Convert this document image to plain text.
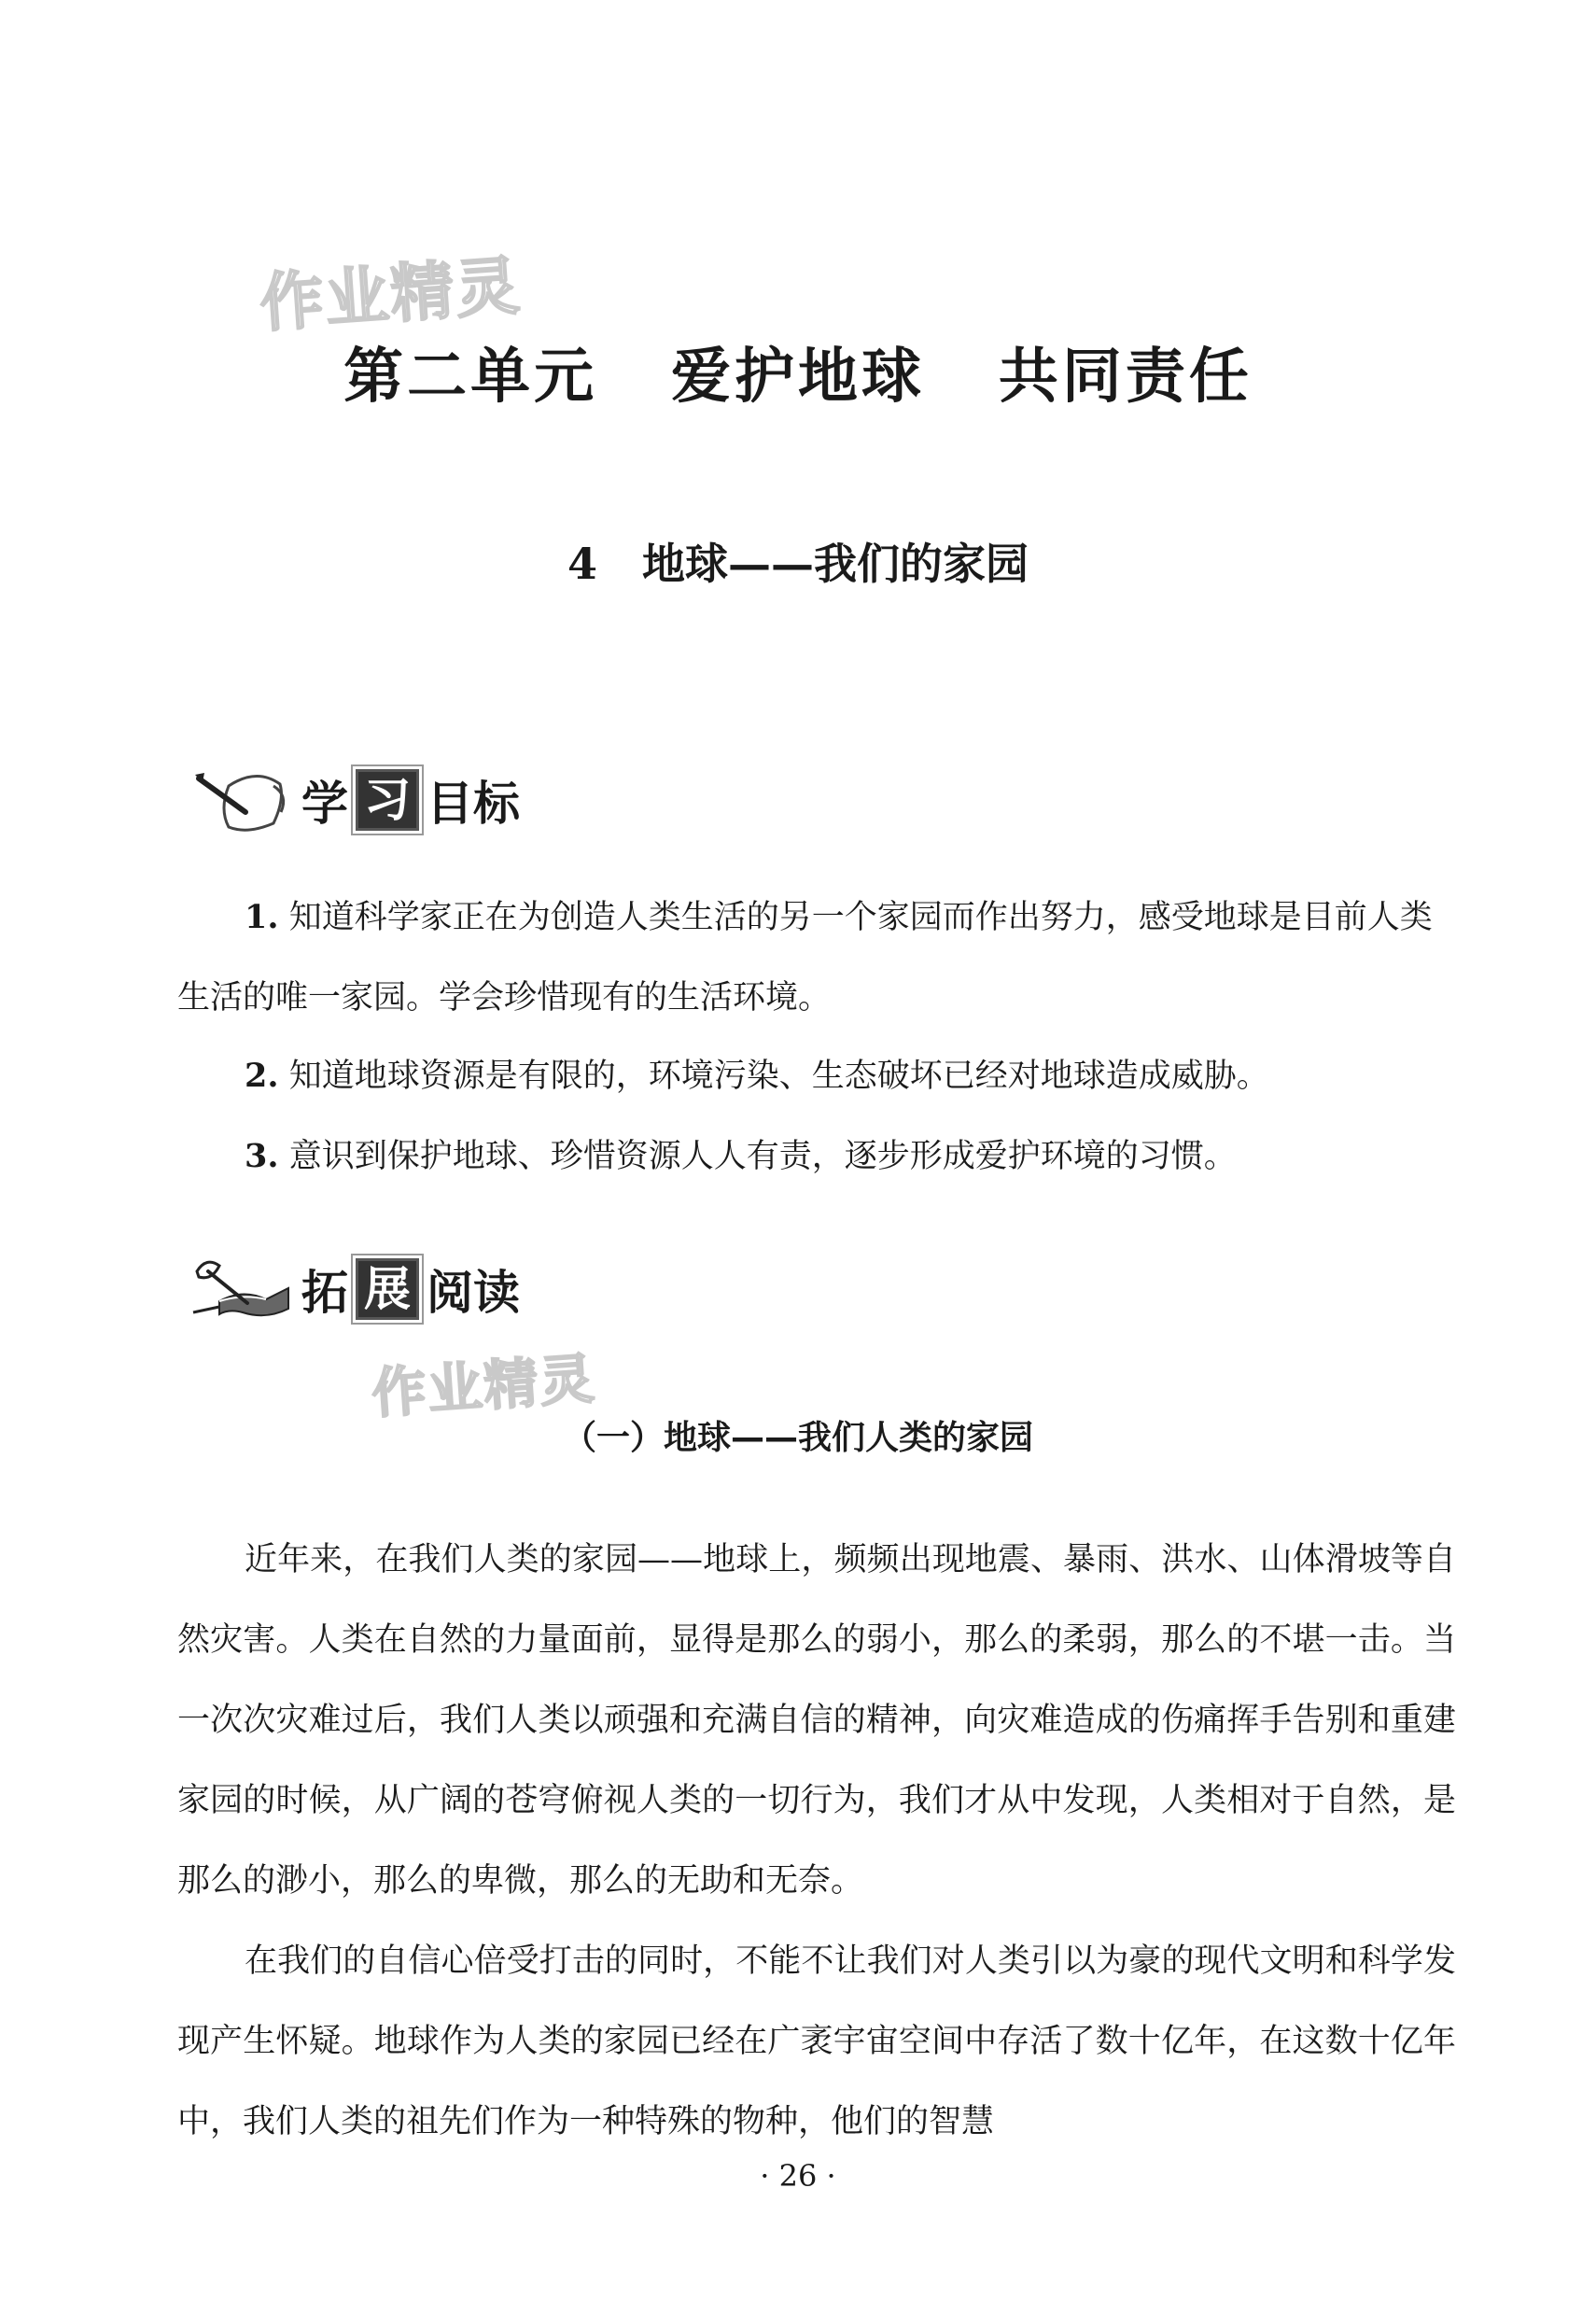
作业精灵
作业精灵
第二单元   爱护地球   共同责任
4   地球——我们的家园
学 习 目标
1. 知道科学家正在为创造人类生活的另一个家园而作出努力，感受地球是目前人类生活的唯一家园。学会珍惜现有的生活环境。
2. 知道地球资源是有限的，环境污染、生态破坏已经对地球造成威胁。
3. 意识到保护地球、珍惜资源人人有责，逐步形成爱护环境的习惯。
拓 展 阅读
（一）地球——我们人类的家园
近年来，在我们人类的家园——地球上，频频出现地震、暴雨、洪水、山体滑坡等自然灾害。人类在自然的力量面前，显得是那么的弱小，那么的柔弱，那么的不堪一击。当一次次灾难过后，我们人类以顽强和充满自信的精神，向灾难造成的伤痛挥手告别和重建家园的时候，从广阔的苍穹俯视人类的一切行为，我们才从中发现，人类相对于自然，是那么的渺小，那么的卑微，那么的无助和无奈。
在我们的自信心倍受打击的同时，不能不让我们对人类引以为豪的现代文明和科学发现产生怀疑。地球作为人类的家园已经在广袤宇宙空间中存活了数十亿年，在这数十亿年中，我们人类的祖先们作为一种特殊的物种，他们的智慧
· 26 ·
